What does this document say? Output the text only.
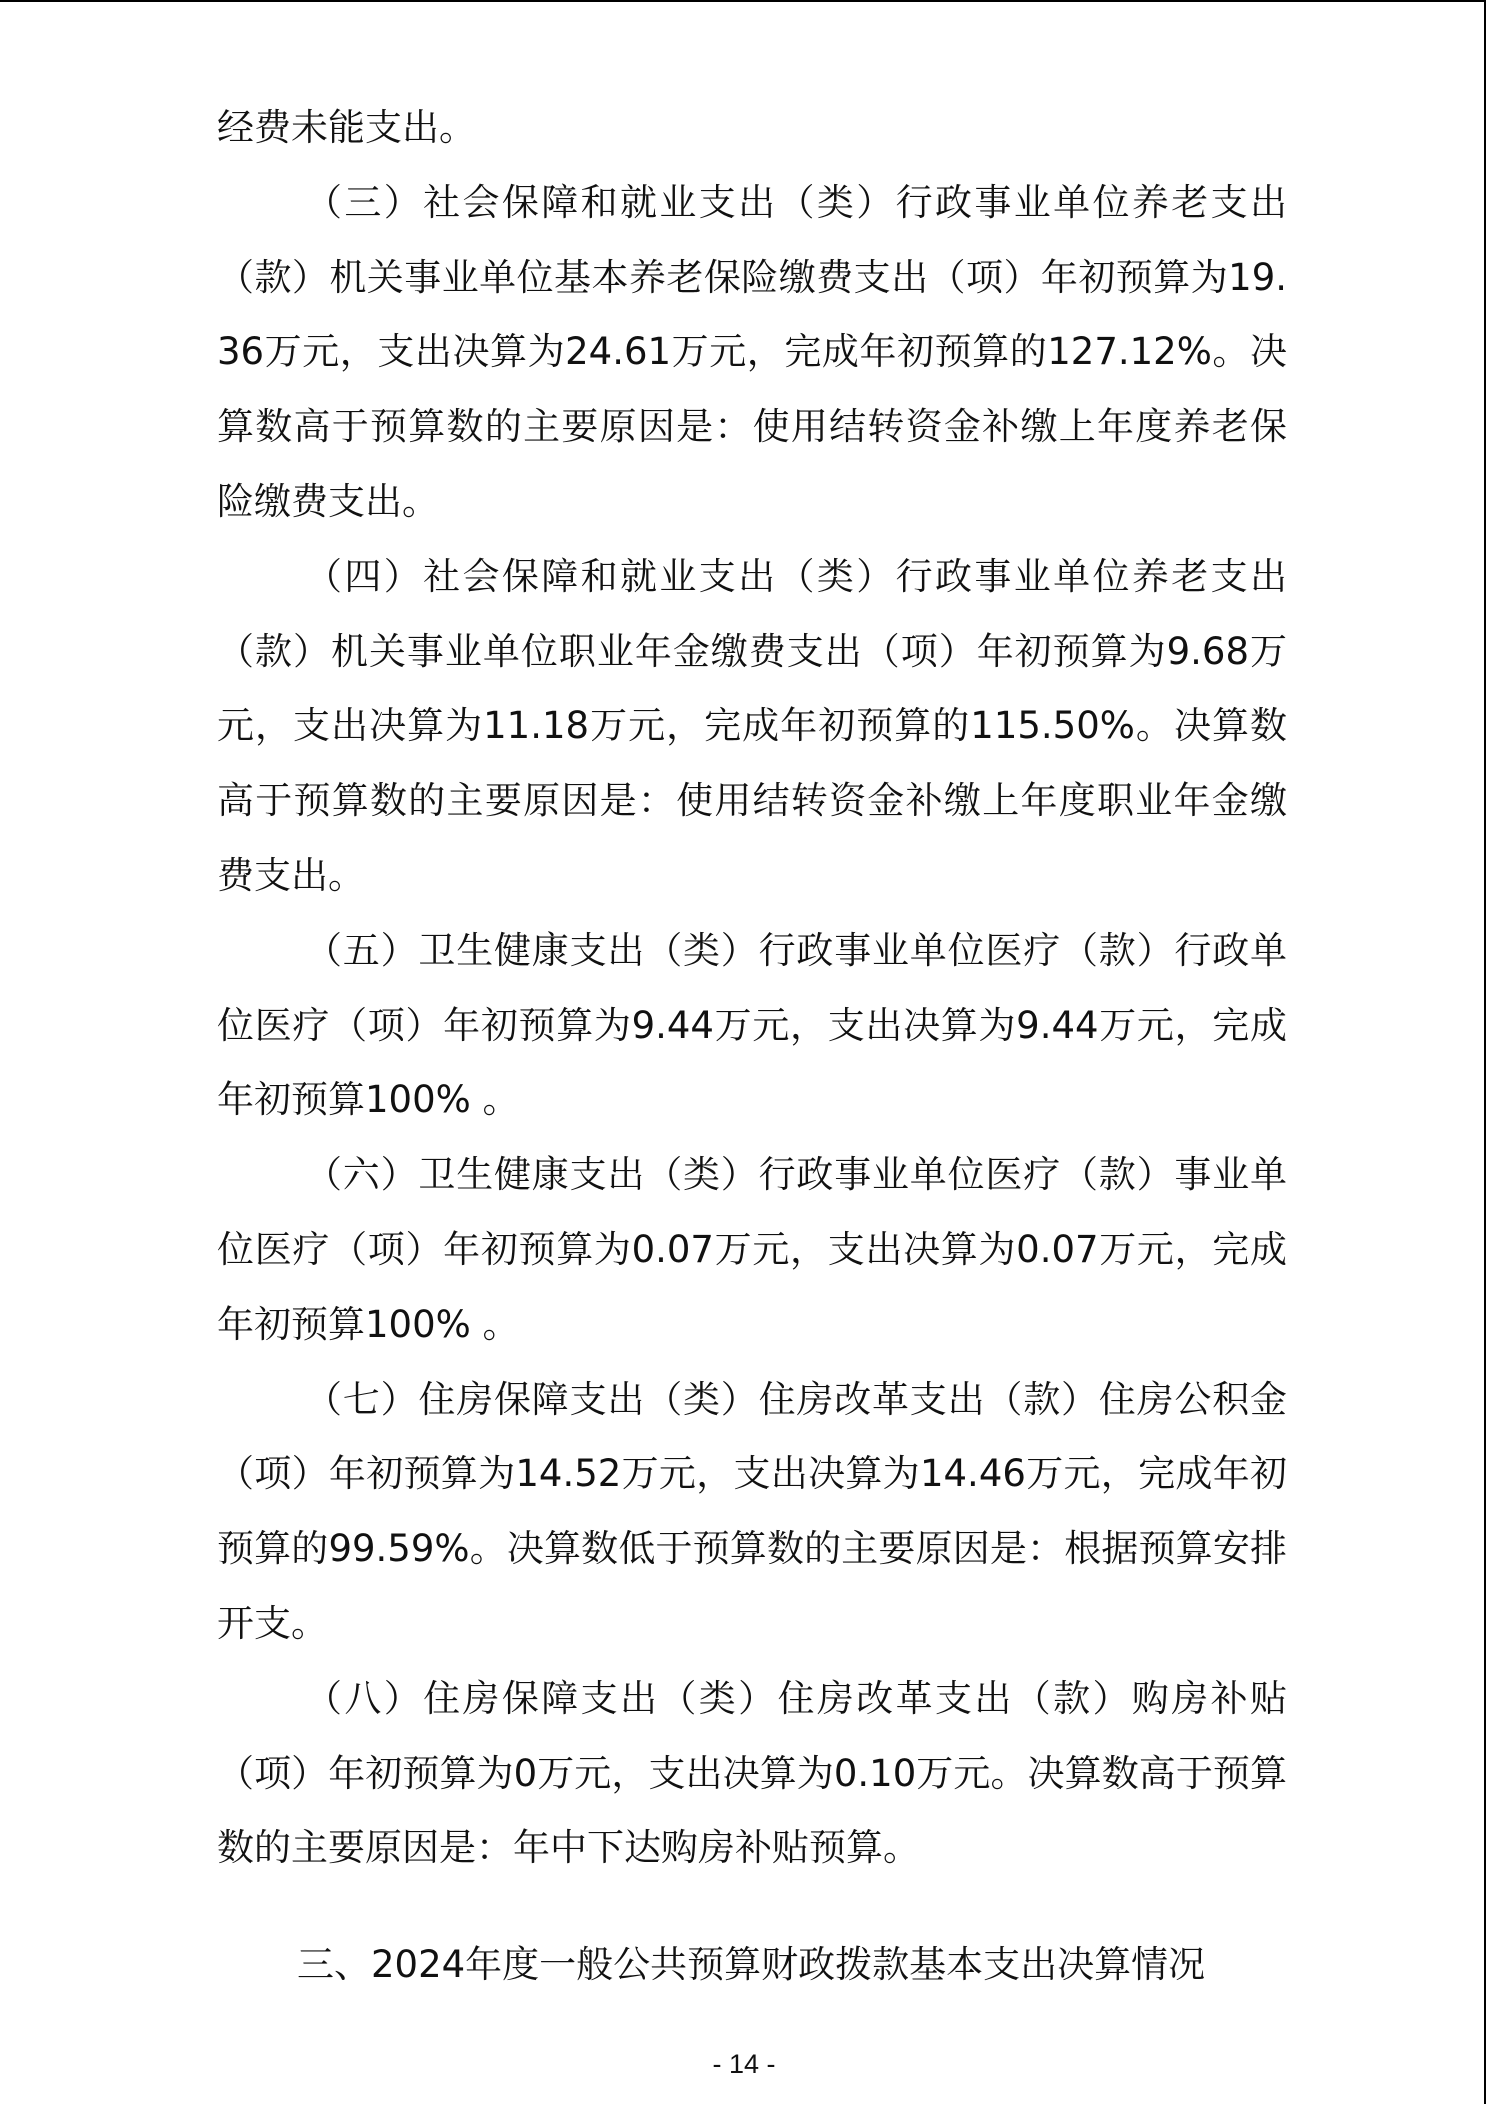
经费未能支出。

（三）社会保障和就业支出（类）行政事业单位养老支出（款）机关事业单位基本养老保险缴费支出（项）年初预算为19.36万元，支出决算为24.61万元，完成年初预算的127.12%。决算数高于预算数的主要原因是：使用结转资金补缴上年度养老保险缴费支出。

（四）社会保障和就业支出（类）行政事业单位养老支出（款）机关事业单位职业年金缴费支出（项）年初预算为9.68万元，支出决算为11.18万元，完成年初预算的115.50%。决算数高于预算数的主要原因是：使用结转资金补缴上年度职业年金缴费支出。

（五）卫生健康支出（类）行政事业单位医疗（款）行政单位医疗（项）年初预算为9.44万元，支出决算为9.44万元，完成年初预算100% 。

（六）卫生健康支出（类）行政事业单位医疗（款）事业单位医疗（项）年初预算为0.07万元，支出决算为0.07万元，完成年初预算100% 。

（七）住房保障支出（类）住房改革支出（款）住房公积金（项）年初预算为14.52万元，支出决算为14.46万元，完成年初预算的99.59%。决算数低于预算数的主要原因是：根据预算安排开支。

（八）住房保障支出（类）住房改革支出（款）购房补贴（项）年初预算为0万元，支出决算为0.10万元。决算数高于预算数的主要原因是：年中下达购房补贴预算。

三、2024年度一般公共预算财政拨款基本支出决算情况
- 14 -
